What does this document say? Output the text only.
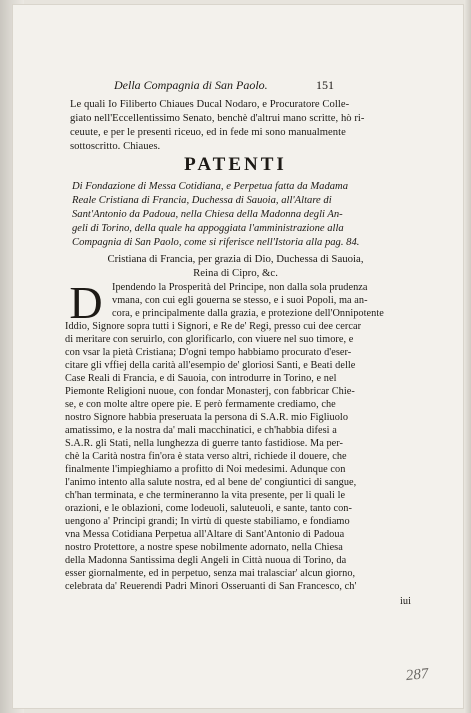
Della Compagnia di San Paolo.	151
Le quali Io Filiberto Chiaues Ducal Nodaro, e Procuratore Colle-
giato nell'Eccellentissimo Senato, benchè d'altrui mano scritte, hò ri-
ceuute, e per le presenti riceuo, ed in fede mi sono manualmente
sottoscritto. Chiaues.
PATENTI
Di Fondazione di Messa Cotidiana, e Perpetua fatta da Madama
Reale Cristiana di Francia, Duchessa di Sauoia, all'Altare di
Sant'Antonio da Padoua, nella Chiesa della Madonna degli An-
geli di Torino, della quale ha appoggiata l'amministrazione alla
Compagnia di San Paolo, come si riferisce nell'Istoria alla pag. 84.
Cristiana di Francia, per grazia di Dio, Duchessa di Sauoia,
Reina di Cipro, &c.
D Ipendendo la Prosperità del Principe, non dalla sola prudenza
vmana, con cui egli gouerna se stesso, e i suoi Popoli, ma an-
cora, e principalmente dalla grazia, e protezione dell'Onnipotente
Iddio, Signore sopra tutti i Signori, e Re de' Regi, presso cui dee cercar
di meritare con seruirlo, con glorificarlo, con viuere nel suo timore, e
con vsar la pietà Cristiana; D'ogni tempo habbiamo procurato d'eser-
citare gli vffiej della carità all'esempio de' gloriosi Santi, e Beati delle
Case Reali di Francia, e di Sauoia, con introdurre in Torino, e nel
Piemonte Religioni nuoue, con fondar Monasterj, con fabbricar Chie-
se, e con molte altre opere pie. E però fermamente crediamo, che
nostro Signore habbia preseruata la persona di S.A.R. mio Figliuolo
amatissimo, e la nostra da' mali macchinatici, e ch'habbia difesi a
S.A.R. gli Stati, nella lunghezza di guerre tanto fastidiose. Ma per-
chè la Carità nostra fin'ora è stata verso altri, richiede il douere, che
finalmente l'impieghiamo a profitto di Noi medesimi. Adunque con
l'animo intento alla salute nostra, ed al bene de' congiuntici di sangue,
ch'han terminata, e che termineranno la vita presente, per li quali le
orazioni, e le oblazioni, come lodeuoli, saluteuoli, e sante, tanto con-
uengono a' Principi grandi; In virtù di queste stabiliamo, e fondiamo
vna Messa Cotidiana Perpetua all'Altare di Sant'Antonio di Padoua
nostro Protettore, a nostre spese nobilmente adornato, nella Chiesa
della Madonna Santissima degli Angeli in Città nuoua di Torino, da
esser giornalmente, ed in perpetuo, senza mai tralasciar' alcun giorno,
celebrata da' Reuerendi Padri Minori Osseruanti di San Francesco, ch'
iui
287
